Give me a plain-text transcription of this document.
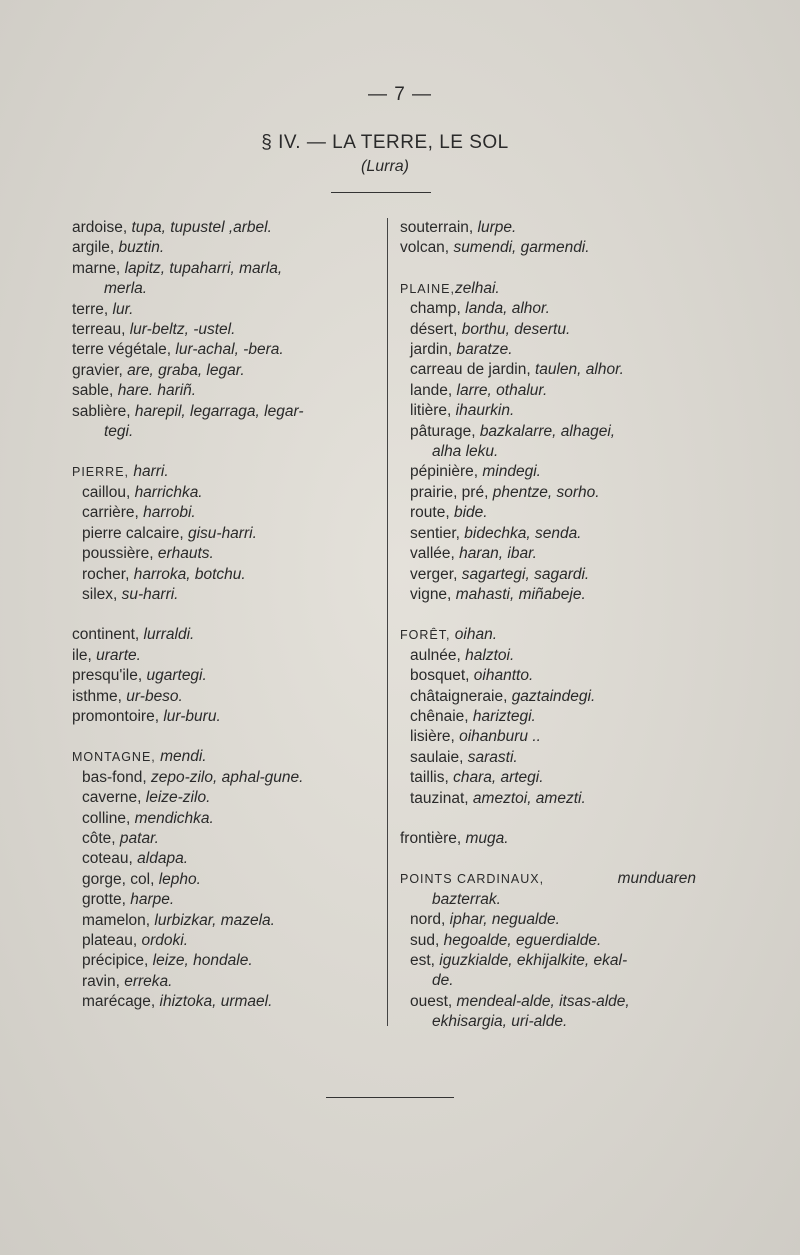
— 7 —
§ IV. — LA TERRE, LE SOL
(Lurra)
ardoise, tupa, tupustel ,arbel.
argile, buztin.
marne, lapitz, tupaharri, marla,
merla.
terre, lur.
terreau, lur-beltz, -ustel.
terre végétale, lur-achal, -bera.
gravier, are, graba, legar.
sable, hare. hariñ.
sablière, harepil, legarraga, legar-
tegi.
PIERRE, harri.
caillou, harrichka.
carrière, harrobi.
pierre calcaire, gisu-harri.
poussière, erhauts.
rocher, harroka, botchu.
silex, su-harri.
continent, lurraldi.
ile, urarte.
presqu'ile, ugartegi.
isthme, ur-beso.
promontoire, lur-buru.
MONTAGNE, mendi.
bas-fond, zepo-zilo, aphal-gune.
caverne, leize-zilo.
colline, mendichka.
côte, patar.
coteau, aldapa.
gorge, col, lepho.
grotte, harpe.
mamelon, lurbizkar, mazela.
plateau, ordoki.
précipice, leize, hondale.
ravin, erreka.
marécage, ihiztoka, urmael.
souterrain, lurpe.
volcan, sumendi, garmendi.
PLAINE,zelhai.
champ, landa, alhor.
désert, borthu, desertu.
jardin, baratze.
carreau de jardin, taulen, alhor.
lande, larre, othalur.
litière, ihaurkin.
pâturage, bazkalarre, alhagei,
alha leku.
pépinière, mindegi.
prairie, pré, phentze, sorho.
route, bide.
sentier, bidechka, senda.
vallée, haran, ibar.
verger, sagartegi, sagardi.
vigne, mahasti, miñabeje.
FORÊT, oihan.
aulnée, halztoi.
bosquet, oihantto.
châtaigneraie, gaztaindegi.
chênaie, hariztegi.
lisière, oihanburu ..
saulaie, sarasti.
taillis, chara, artegi.
tauzinat, ameztoi, amezti.
frontière, muga.
POINTS CARDINAUX,	munduaren
bazterrak.
nord, iphar, negualde.
sud, hegoalde, eguerdialde.
est, iguzkialde, ekhijalkite, ekal-
de.
ouest, mendeal-alde, itsas-alde,
ekhisargia, uri-alde.
